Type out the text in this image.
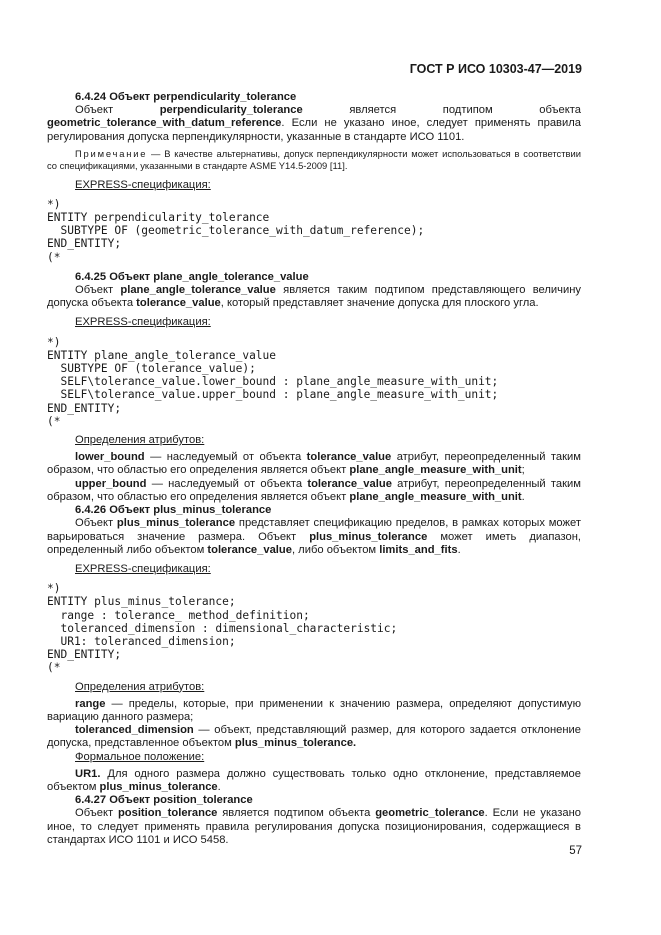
ГОСТ Р ИСО 10303-47—2019

6.4.24 Объект perpendicularity_tolerance

Объект perpendicularity_tolerance является подтипом объекта geometric_tolerance_with_datum_reference. Если не указано иное, следует применять правила регулирования допуска перпендикулярности, указанные в стандарте ИСО 1101.

Примечание — В качестве альтернативы, допуск перпендикулярности может использоваться в соответствии со спецификациями, указанными в стандарте ASME Y14.5-2009 [11].

EXPRESS-спецификация:

*)
ENTITY perpendicularity_tolerance
SUBTYPE OF (geometric_tolerance_with_datum_reference);
END_ENTITY;
(*

6.4.25 Объект plane_angle_tolerance_value

Объект plane_angle_tolerance_value является таким подтипом представляющего величину допуска объекта tolerance_value, который представляет значение допуска для плоского угла.

EXPRESS-спецификация:

*)
ENTITY plane_angle_tolerance_value
SUBTYPE OF (tolerance_value);
SELF\tolerance_value.lower_bound : plane_angle_measure_with_unit;
SELF\tolerance_value.upper_bound : plane_angle_measure_with_unit;
END_ENTITY;
(*

Определения атрибутов:

lower_bound — наследуемый от объекта tolerance_value атрибут, переопределенный таким образом, что областью его определения является объект plane_angle_measure_with_unit;

upper_bound — наследуемый от объекта tolerance_value атрибут, переопределенный таким образом, что областью его определения является объект plane_angle_measure_with_unit.

6.4.26 Объект plus_minus_tolerance

Объект plus_minus_tolerance представляет спецификацию пределов, в рамках которых может варьироваться значение размера. Объект plus_minus_tolerance может иметь диапазон, определенный либо объектом tolerance_value, либо объектом limits_and_fits.

EXPRESS-спецификация:

*)
ENTITY plus_minus_tolerance;
range : tolerance_ method_definition;
toleranced_dimension : dimensional_characteristic;
UR1: toleranced_dimension;
END_ENTITY;
(*

Определения атрибутов:

range — пределы, которые, при применении к значению размера, определяют допустимую вариацию данного размера;

toleranced_dimension — объект, представляющий размер, для которого задается отклонение допуска, представленное объектом plus_minus_tolerance.

Формальное положение:

UR1. Для одного размера должно существовать только одно отклонение, представляемое объектом plus_minus_tolerance.

6.4.27 Объект position_tolerance

Объект position_tolerance является подтипом объекта geometric_tolerance. Если не указано иное, то следует применять правила регулирования допуска позиционирования, содержащиеся в стандартах ИСО 1101 и ИСО 5458.

57
